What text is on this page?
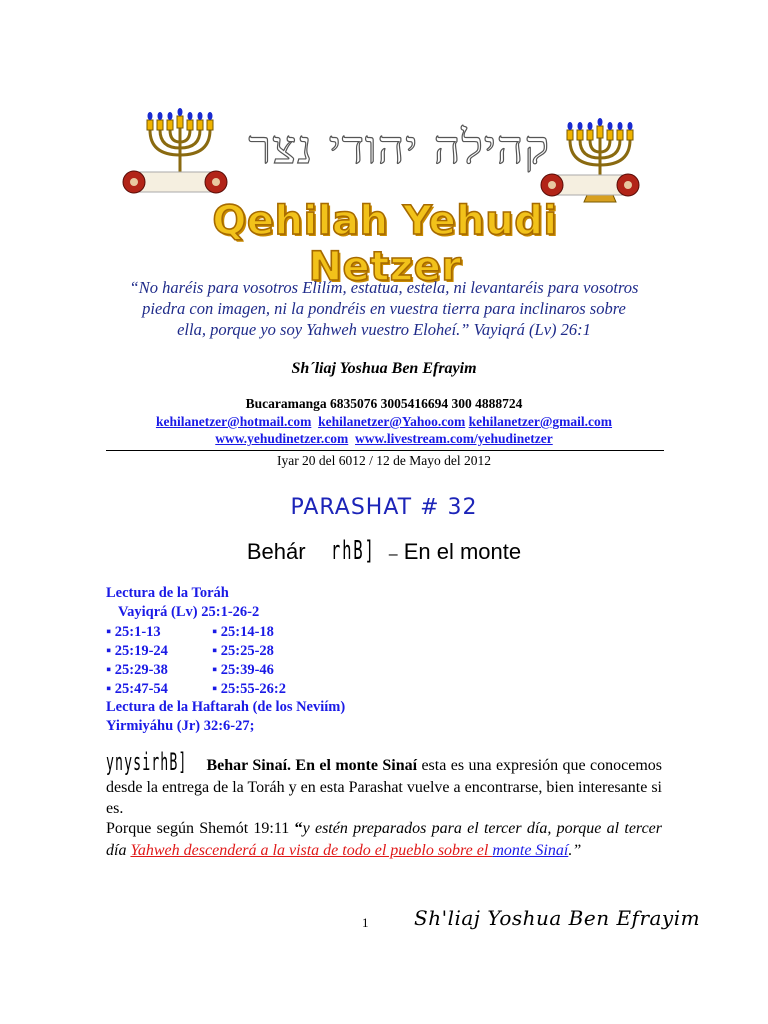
קהילה יהודי נצר
Qehilah Yehudi Netzer
“No haréis para vosotros Elilím, estatua, estela, ni levantaréis para vosotros
piedra con imagen, ni la pondréis en vuestra tierra para inclinaros sobre
ella, porque yo soy Yahweh vuestro Eloheí.” Vayiqrá (Lv) 26:1
Sh´liaj Yoshua Ben Efrayim
Bucaramanga 6835076 3005416694 300 4888724
kehilanetzer@hotmail.com kehilanetzer@Yahoo.com kehilanetzer@gmail.com
www.yehudinetzer.com www.livestream.com/yehudinetzer
Iyar 20 del 6012 / 12 de Mayo del 2012
PARASHAT # 32
Behár rhB] – En el monte
Lectura de la Toráh
Vayiqrá (Lv) 25:1-26-2
▪ 25:1-13	▪ 25:14-18
▪ 25:19-24	▪ 25:25-28
▪ 25:29-38	▪ 25:39-46
▪ 25:47-54	▪ 25:55-26:2
Lectura de la Haftarah (de los Neviím)
Yirmiyáhu (Jr) 32:6-27;
ynysirhB] Behar Sinaí. En el monte Sinaí esta es una expresión que conocemos desde la entrega de la Toráh y en esta Parashat vuelve a encontrarse, bien interesante si es.
Porque según Shemót 19:11 “y estén preparados para el tercer día, porque al tercer día Yahweh descenderá a la vista de todo el pueblo sobre el monte Sinaí.”
1 Sh'liaj Yoshua Ben Efrayim
